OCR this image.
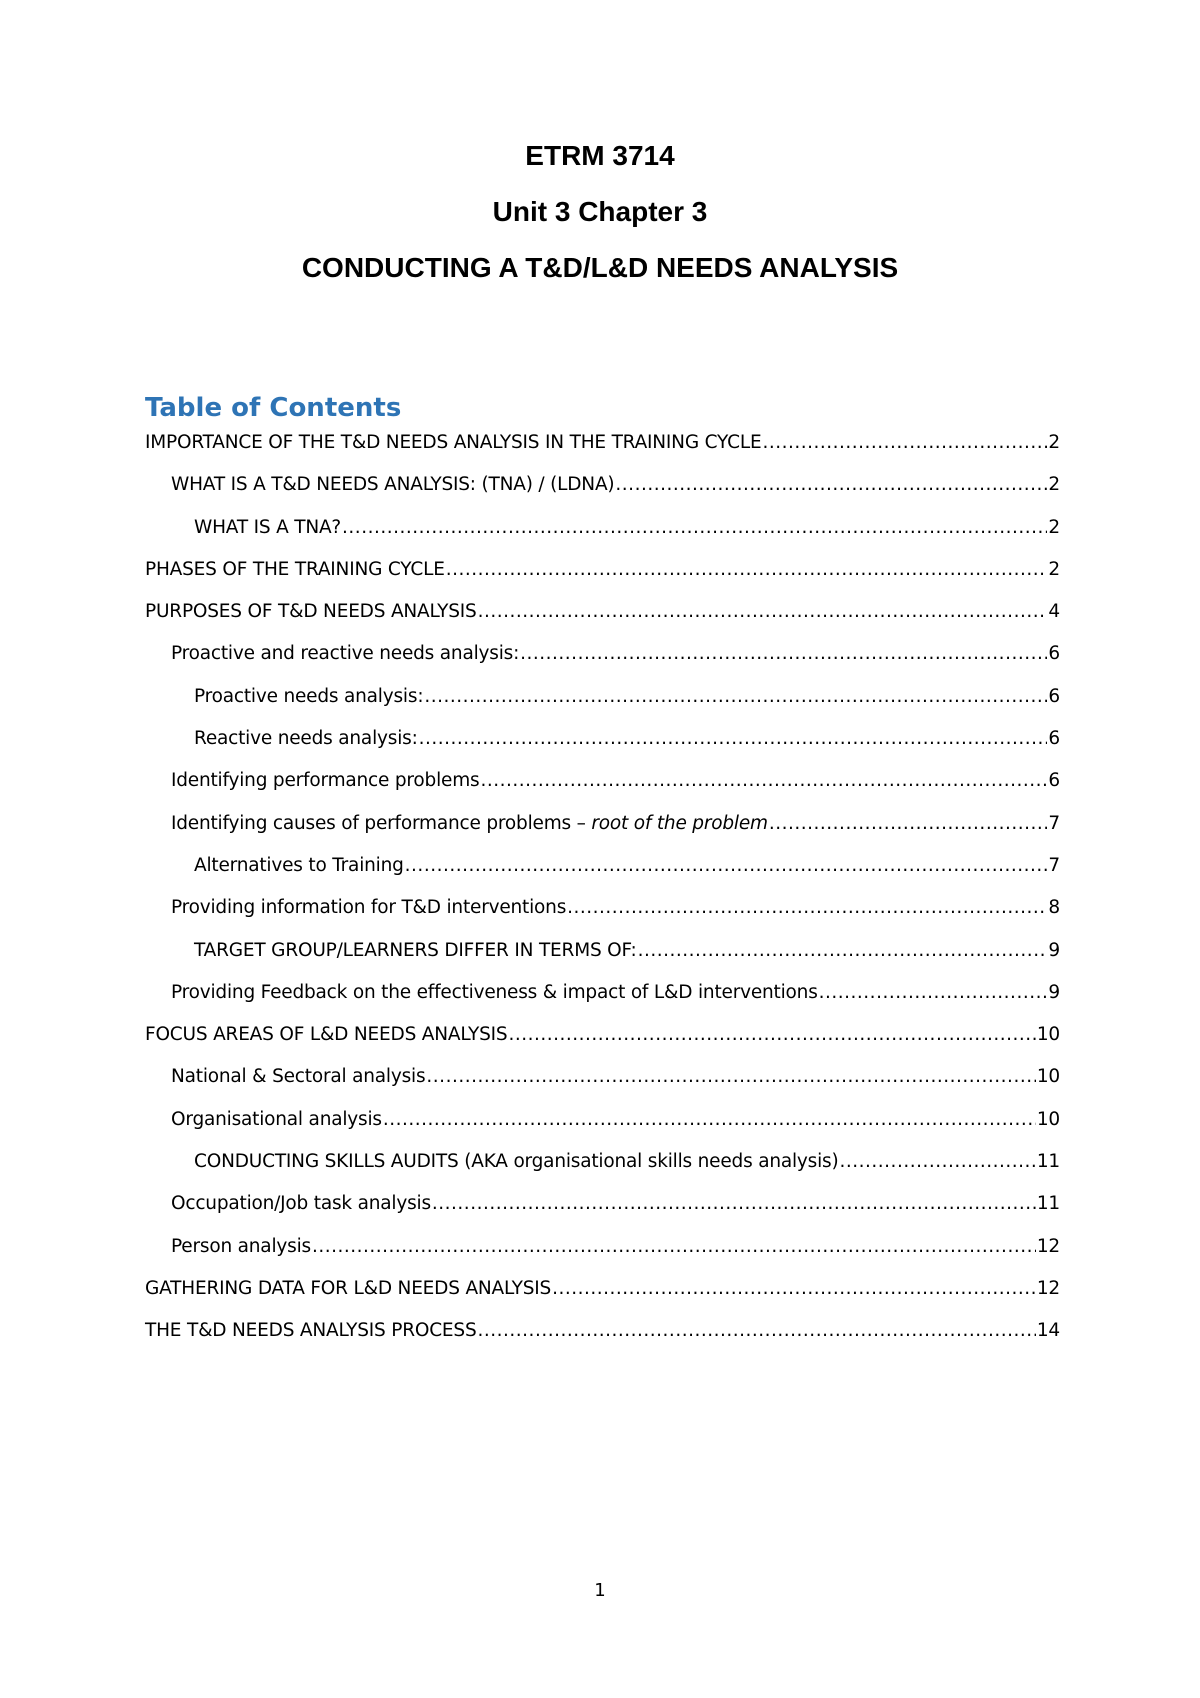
ETRM 3714
Unit 3 Chapter 3
CONDUCTING A T&D/L&D NEEDS ANALYSIS
Table of Contents
IMPORTANCE OF THE T&D NEEDS ANALYSIS IN THE TRAINING CYCLE .....	2
WHAT IS A T&D NEEDS ANALYSIS: (TNA) / (LDNA) .....	2
WHAT IS A TNA? .....	2
PHASES OF THE TRAINING CYCLE .....	2
PURPOSES OF T&D NEEDS ANALYSIS .....	4
Proactive and reactive needs analysis: .....	6
Proactive needs analysis: .....	6
Reactive needs analysis: .....	6
Identifying performance problems .....	6
Identifying causes of performance problems – root of the problem .....	7
Alternatives to Training .....	7
Providing information for T&D interventions .....	8
TARGET GROUP/LEARNERS DIFFER IN TERMS OF: .....	9
Providing Feedback on the effectiveness & impact of L&D interventions .....	9
FOCUS AREAS OF L&D NEEDS ANALYSIS .....	10
National & Sectoral analysis .....	10
Organisational analysis .....	10
CONDUCTING SKILLS AUDITS (AKA organisational skills needs analysis) .....	11
Occupation/Job task analysis .....	11
Person analysis .....	12
GATHERING DATA FOR L&D NEEDS ANALYSIS .....	12
THE T&D NEEDS ANALYSIS PROCESS .....	14
1
